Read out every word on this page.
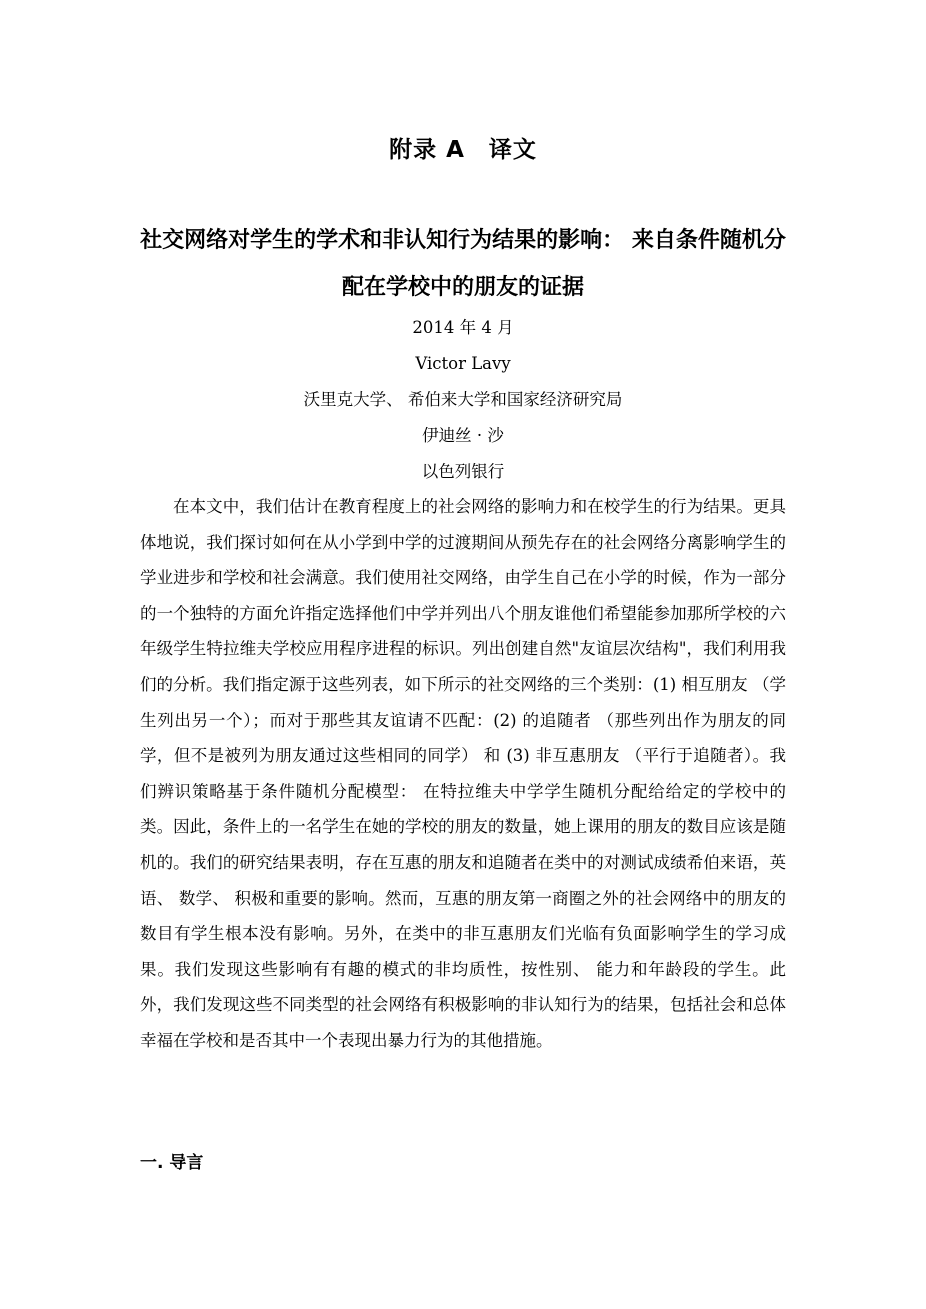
附录 A　译文
社交网络对学生的学术和非认知行为结果的影响： 来自条件随机分配在学校中的朋友的证据
2014 年 4 月
Victor Lavy
沃里克大学、 希伯来大学和国家经济研究局
伊迪丝 · 沙
以色列银行

在本文中，我们估计在教育程度上的社会网络的影响力和在校学生的行为结果。更具体地说，我们探讨如何在从小学到中学的过渡期间从预先存在的社会网络分离影响学生的学业进步和学校和社会满意。我们使用社交网络，由学生自己在小学的时候，作为一部分的一个独特的方面允许指定选择他们中学并列出八个朋友谁他们希望能参加那所学校的六年级学生特拉维夫学校应用程序进程的标识。列出创建自然"友谊层次结构"，我们利用我们的分析。我们指定源于这些列表，如下所示的社交网络的三个类别：(1) 相互朋友 （学生列出另一个）；而对于那些其友谊请不匹配：(2) 的追随者 （那些列出作为朋友的同学，但不是被列为朋友通过这些相同的同学） 和 (3) 非互惠朋友 （平行于追随者）。我们辨识策略基于条件随机分配模型： 在特拉维夫中学学生随机分配给给定的学校中的类。因此，条件上的一名学生在她的学校的朋友的数量，她上课用的朋友的数目应该是随机的。我们的研究结果表明，存在互惠的朋友和追随者在类中的对测试成绩希伯来语，英语、 数学、 积极和重要的影响。然而，互惠的朋友第一商圈之外的社会网络中的朋友的数目有学生根本没有影响。另外，在类中的非互惠朋友们光临有负面影响学生的学习成果。我们发现这些影响有有趣的模式的非均质性，按性别、 能力和年龄段的学生。此外，我们发现这些不同类型的社会网络有积极影响的非认知行为的结果，包括社会和总体幸福在学校和是否其中一个表现出暴力行为的其他措施。

一. 导言
